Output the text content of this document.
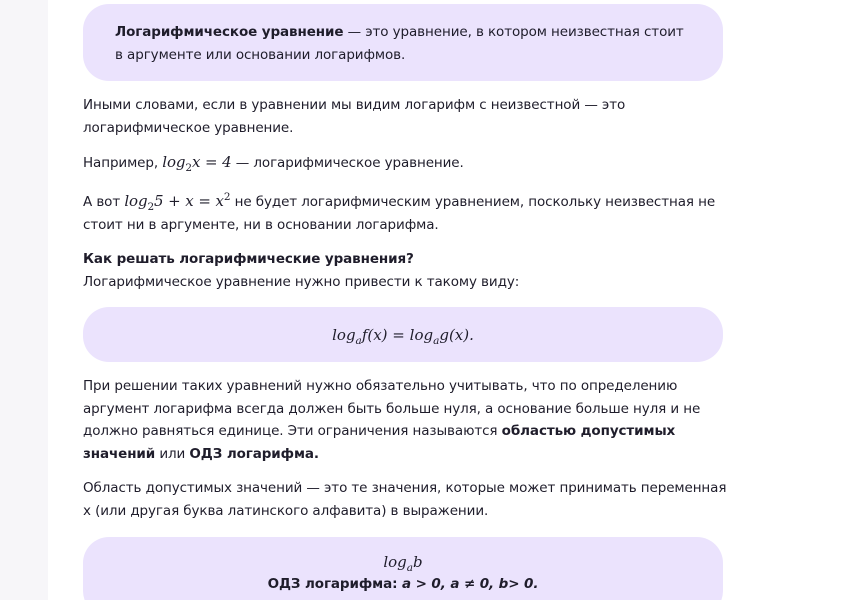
Логарифмическое уравнение — это уравнение, в котором неизвестная стоит в аргументе или основании логарифмов.
Иными словами, если в уравнении мы видим логарифм с неизвестной — это логарифмическое уравнение.
Например, $\log_2x = 4$ — логарифмическое уравнение.
А вот $\log_25 + x = x^2$ не будет логарифмическим уравнением, поскольку неизвестная не стоит ни в аргументе, ни в основании логарифма.
Как решать логарифмические уравнения?
Логарифмическое уравнение нужно привести к такому виду:
$\log_af(x) = \log_ag(x)$.
При решении таких уравнений нужно обязательно учитывать, что по определению аргумент логарифма всегда должен быть больше нуля, а основание больше нуля и не должно равняться единице. Эти ограничения называются областью допустимых значений или ОДЗ логарифма.
Область допустимых значений — это те значения, которые может принимать переменная x (или другая буква латинского алфавита) в выражении.
$\log_ab$
ОДЗ логарифма: a > 0, a ≠ 0, b> 0.
